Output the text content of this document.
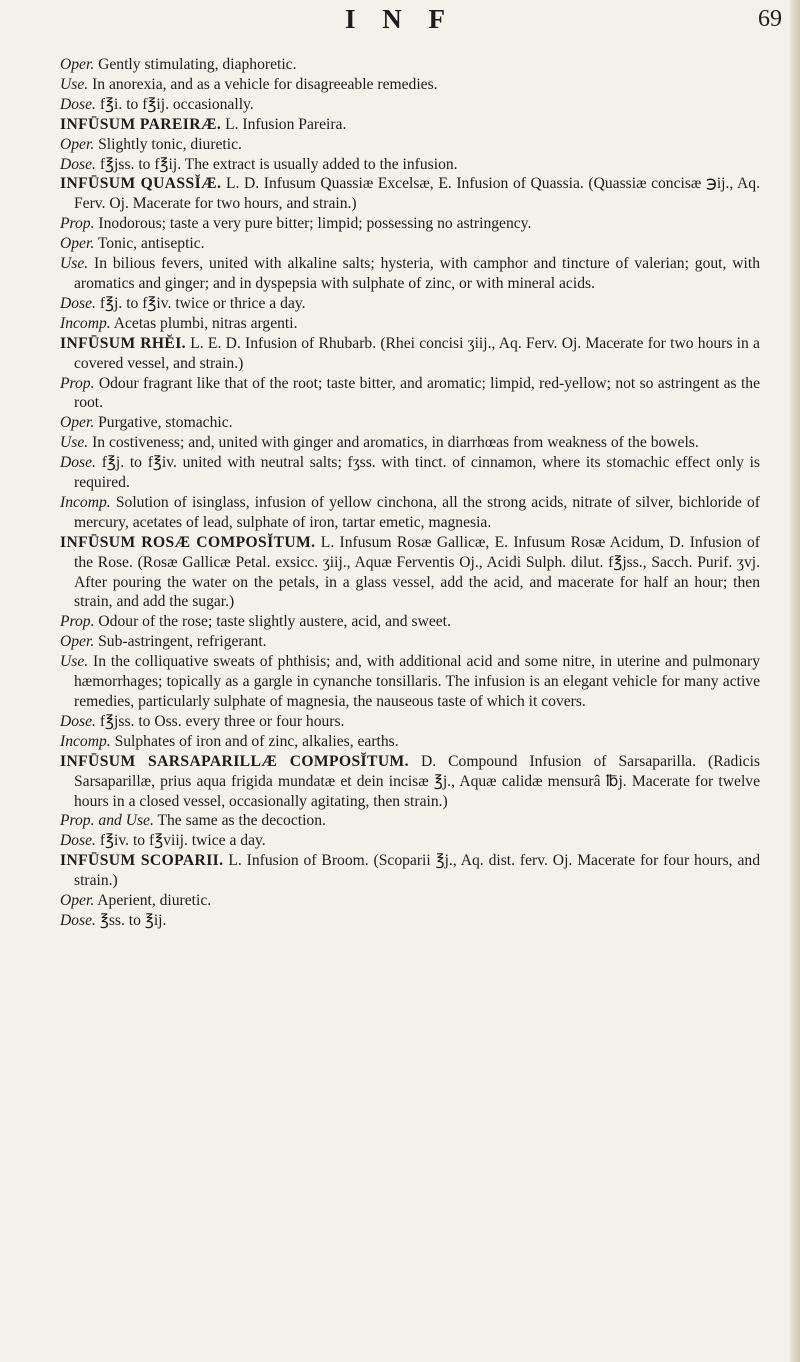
I N F	69

Oper. Gently stimulating, diaphoretic.

Use. In anorexia, and as a vehicle for disagreeable remedies.

Dose. f℥i. to f℥ij. occasionally.

INFŪSUM PAREIRÆ. L. Infusion Pareira.

Oper. Slightly tonic, diuretic.

Dose. f℥jss. to f℥ij. The extract is usually added to the infusion.

INFŪSUM QUASSĬÆ. L. D. Infusum Quassiæ Excelsæ, E. Infusion of Quassia. (Quassiæ concisæ ℈ij., Aq. Ferv. Oj. Macerate for two hours, and strain.)

Prop. Inodorous; taste a very pure bitter; limpid; possessing no astringency.

Oper. Tonic, antiseptic.

Use. In bilious fevers, united with alkaline salts; hysteria, with camphor and tincture of valerian; gout, with aromatics and ginger; and in dyspepsia with sulphate of zinc, or with mineral acids.

Dose. f℥j. to f℥iv. twice or thrice a day.

Incomp. Acetas plumbi, nitras argenti.

INFŪSUM RHĔI. L. E. D. Infusion of Rhubarb. (Rhei concisi ʒiij., Aq. Ferv. Oj. Macerate for two hours in a covered vessel, and strain.)

Prop. Odour fragrant like that of the root; taste bitter, and aromatic; limpid, red-yellow; not so astringent as the root.

Oper. Purgative, stomachic.

Use. In costiveness; and, united with ginger and aromatics, in diarrhœas from weakness of the bowels.

Dose. f℥j. to f℥iv. united with neutral salts; fʒss. with tinct. of cinnamon, where its stomachic effect only is required.

Incomp. Solution of isinglass, infusion of yellow cinchona, all the strong acids, nitrate of silver, bichloride of mercury, acetates of lead, sulphate of iron, tartar emetic, magnesia.

INFŪSUM ROSÆ COMPOSĬTUM. L. Infusum Rosæ Gallicæ, E. Infusum Rosæ Acidum, D. Infusion of the Rose. (Rosæ Gallicæ Petal. exsicc. ʒiij., Aquæ Ferventis Oj., Acidi Sulph. dilut. f℥jss., Sacch. Purif. ʒvj. After pouring the water on the petals, in a glass vessel, add the acid, and macerate for half an hour; then strain, and add the sugar.)

Prop. Odour of the rose; taste slightly austere, acid, and sweet.

Oper. Sub-astringent, refrigerant.

Use. In the colliquative sweats of phthisis; and, with additional acid and some nitre, in uterine and pulmonary hæmorrhages; topically as a gargle in cynanche tonsillaris. The infusion is an elegant vehicle for many active remedies, particularly sulphate of magnesia, the nauseous taste of which it covers.

Dose. f℥jss. to Oss. every three or four hours.

Incomp. Sulphates of iron and of zinc, alkalies, earths.

INFŪSUM SARSAPARILLÆ COMPOSĬTUM. D. Compound Infusion of Sarsaparilla. (Radicis Sarsaparillæ, prius aqua frigida mundatæ et dein incisæ ℥j., Aquæ calidæ mensurâ ℔j. Macerate for twelve hours in a closed vessel, occasionally agitating, then strain.)

Prop. and Use. The same as the decoction.

Dose. f℥iv. to f℥viij. twice a day.

INFŪSUM SCOPARII. L. Infusion of Broom. (Scoparii ℥j., Aq. dist. ferv. Oj. Macerate for four hours, and strain.)

Oper. Aperient, diuretic.

Dose. ℥ss. to ℥ij.
